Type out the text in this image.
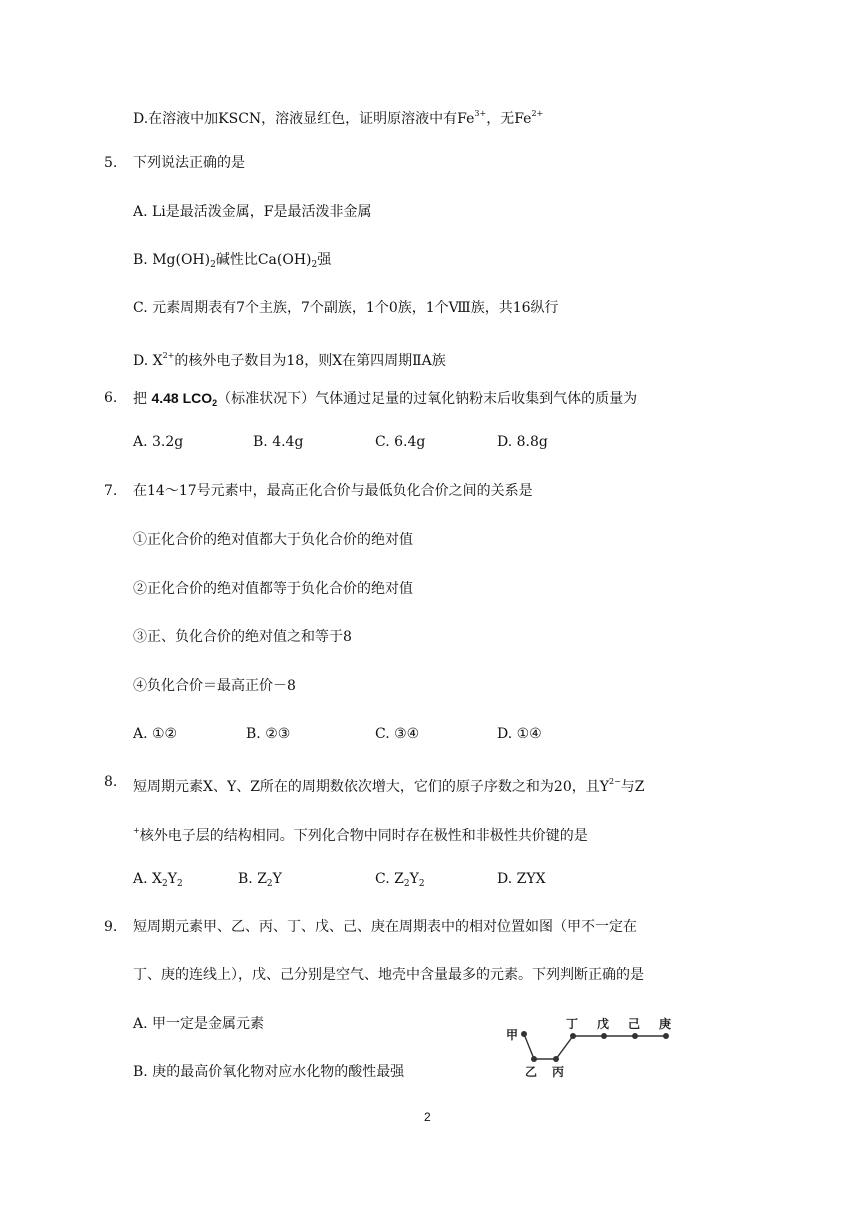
D.在溶液中加KSCN，溶液显红色，证明原溶液中有$Fe^{3+}$，无$Fe^{2+}$
5. 下列说法正确的是
A. Li是最活泼金属，F是最活泼非金属
B. $Mg(OH)_2$碱性比$Ca(OH)_2$强
C. 元素周期表有7个主族，7个副族，1个0族，1个Ⅷ族，共16纵行
D. $X^{2+}$的核外电子数目为18，则X在第四周期ⅡA族
6. 把 4.48 $LCO_2$（标准状况下）气体通过足量的过氧化钠粉末后收集到气体的质量为
A. 3.2g	B. 4.4g	C. 6.4g	D. 8.8g
7. 在14～17号元素中，最高正化合价与最低负化合价之间的关系是
①正化合价的绝对值都大于负化合价的绝对值
②正化合价的绝对值都等于负化合价的绝对值
③正、负化合价的绝对值之和等于8
④负化合价＝最高正价－8
A. ①②	B. ②③	C. ③④	D. ①④
8. 短周期元素X、Y、Z所在的周期数依次增大，它们的原子序数之和为20，且$Y^{2-}$与Z
+核外电子层的结构相同。下列化合物中同时存在极性和非极性共价键的是
A. $X_2Y_2$	B. $Z_2Y$	C. $Z_2Y_2$	D. ZYX
9. 短周期元素甲、乙、丙、丁、戊、己、庚在周期表中的相对位置如图（甲不一定在
丁、庚的连线上），戊、己分别是空气、地壳中含量最多的元素。下列判断正确的是
A. 甲一定是金属元素
B. 庚的最高价氧化物对应水化物的酸性最强
甲
乙 丙
丁 戊 己 庚
2
